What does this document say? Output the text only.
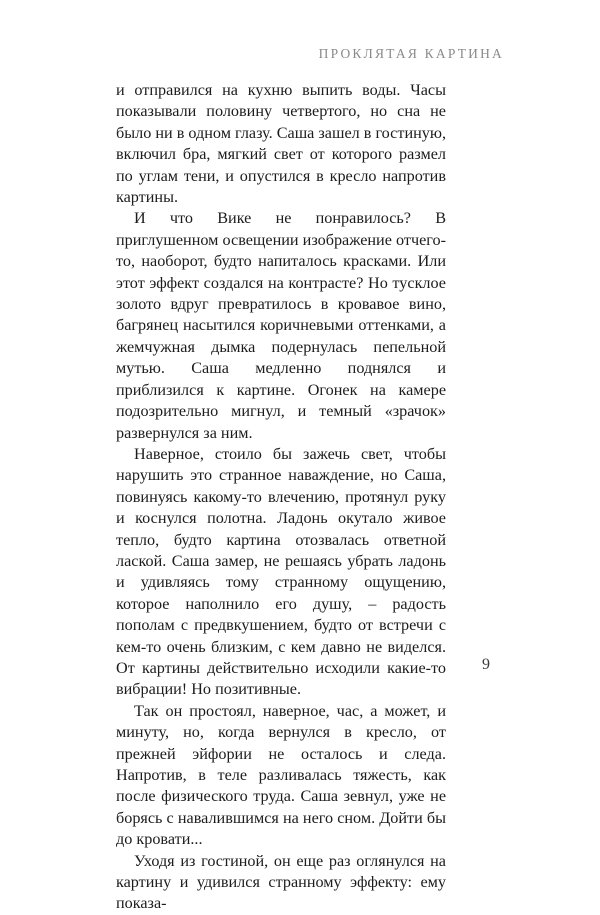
ПРОКЛЯТАЯ КАРТИНА

и отправился на кухню выпить воды. Часы показывали половину четвертого, но сна не было ни в одном глазу. Саша зашел в гостиную, включил бра, мягкий свет от которого размел по углам тени, и опустился в кресло напротив картины.

И что Вике не понравилось? В приглушенном освещении изображение отчего-то, наоборот, будто напиталось красками. Или этот эффект создался на контрасте? Но тусклое золото вдруг превратилось в кровавое вино, багрянец насытился коричневыми оттенками, а жемчужная дымка подернулась пепельной мутью. Саша медленно поднялся и приблизился к картине. Огонек на камере подозрительно мигнул, и темный «зрачок» развернулся за ним.

Наверное, стоило бы зажечь свет, чтобы нарушить это странное наваждение, но Саша, повинуясь какому-то влечению, протянул руку и коснулся полотна. Ладонь окутало живое тепло, будто картина отозвалась ответной лаской. Саша замер, не решаясь убрать ладонь и удивляясь тому странному ощущению, которое наполнило его душу, – радость пополам с предвкушением, будто от встречи с кем-то очень близким, с кем давно не виделся. От картины действительно исходили какие-то вибрации! Но позитивные.

Так он простоял, наверное, час, а может, и минуту, но, когда вернулся в кресло, от прежней эйфории не осталось и следа. Напротив, в теле разливалась тяжесть, как после физического труда. Саша зевнул, уже не борясь с навалившимся на него сном. Дойти бы до кровати...

Уходя из гостиной, он еще раз оглянулся на картину и удивился странному эффекту: ему показа-

9
